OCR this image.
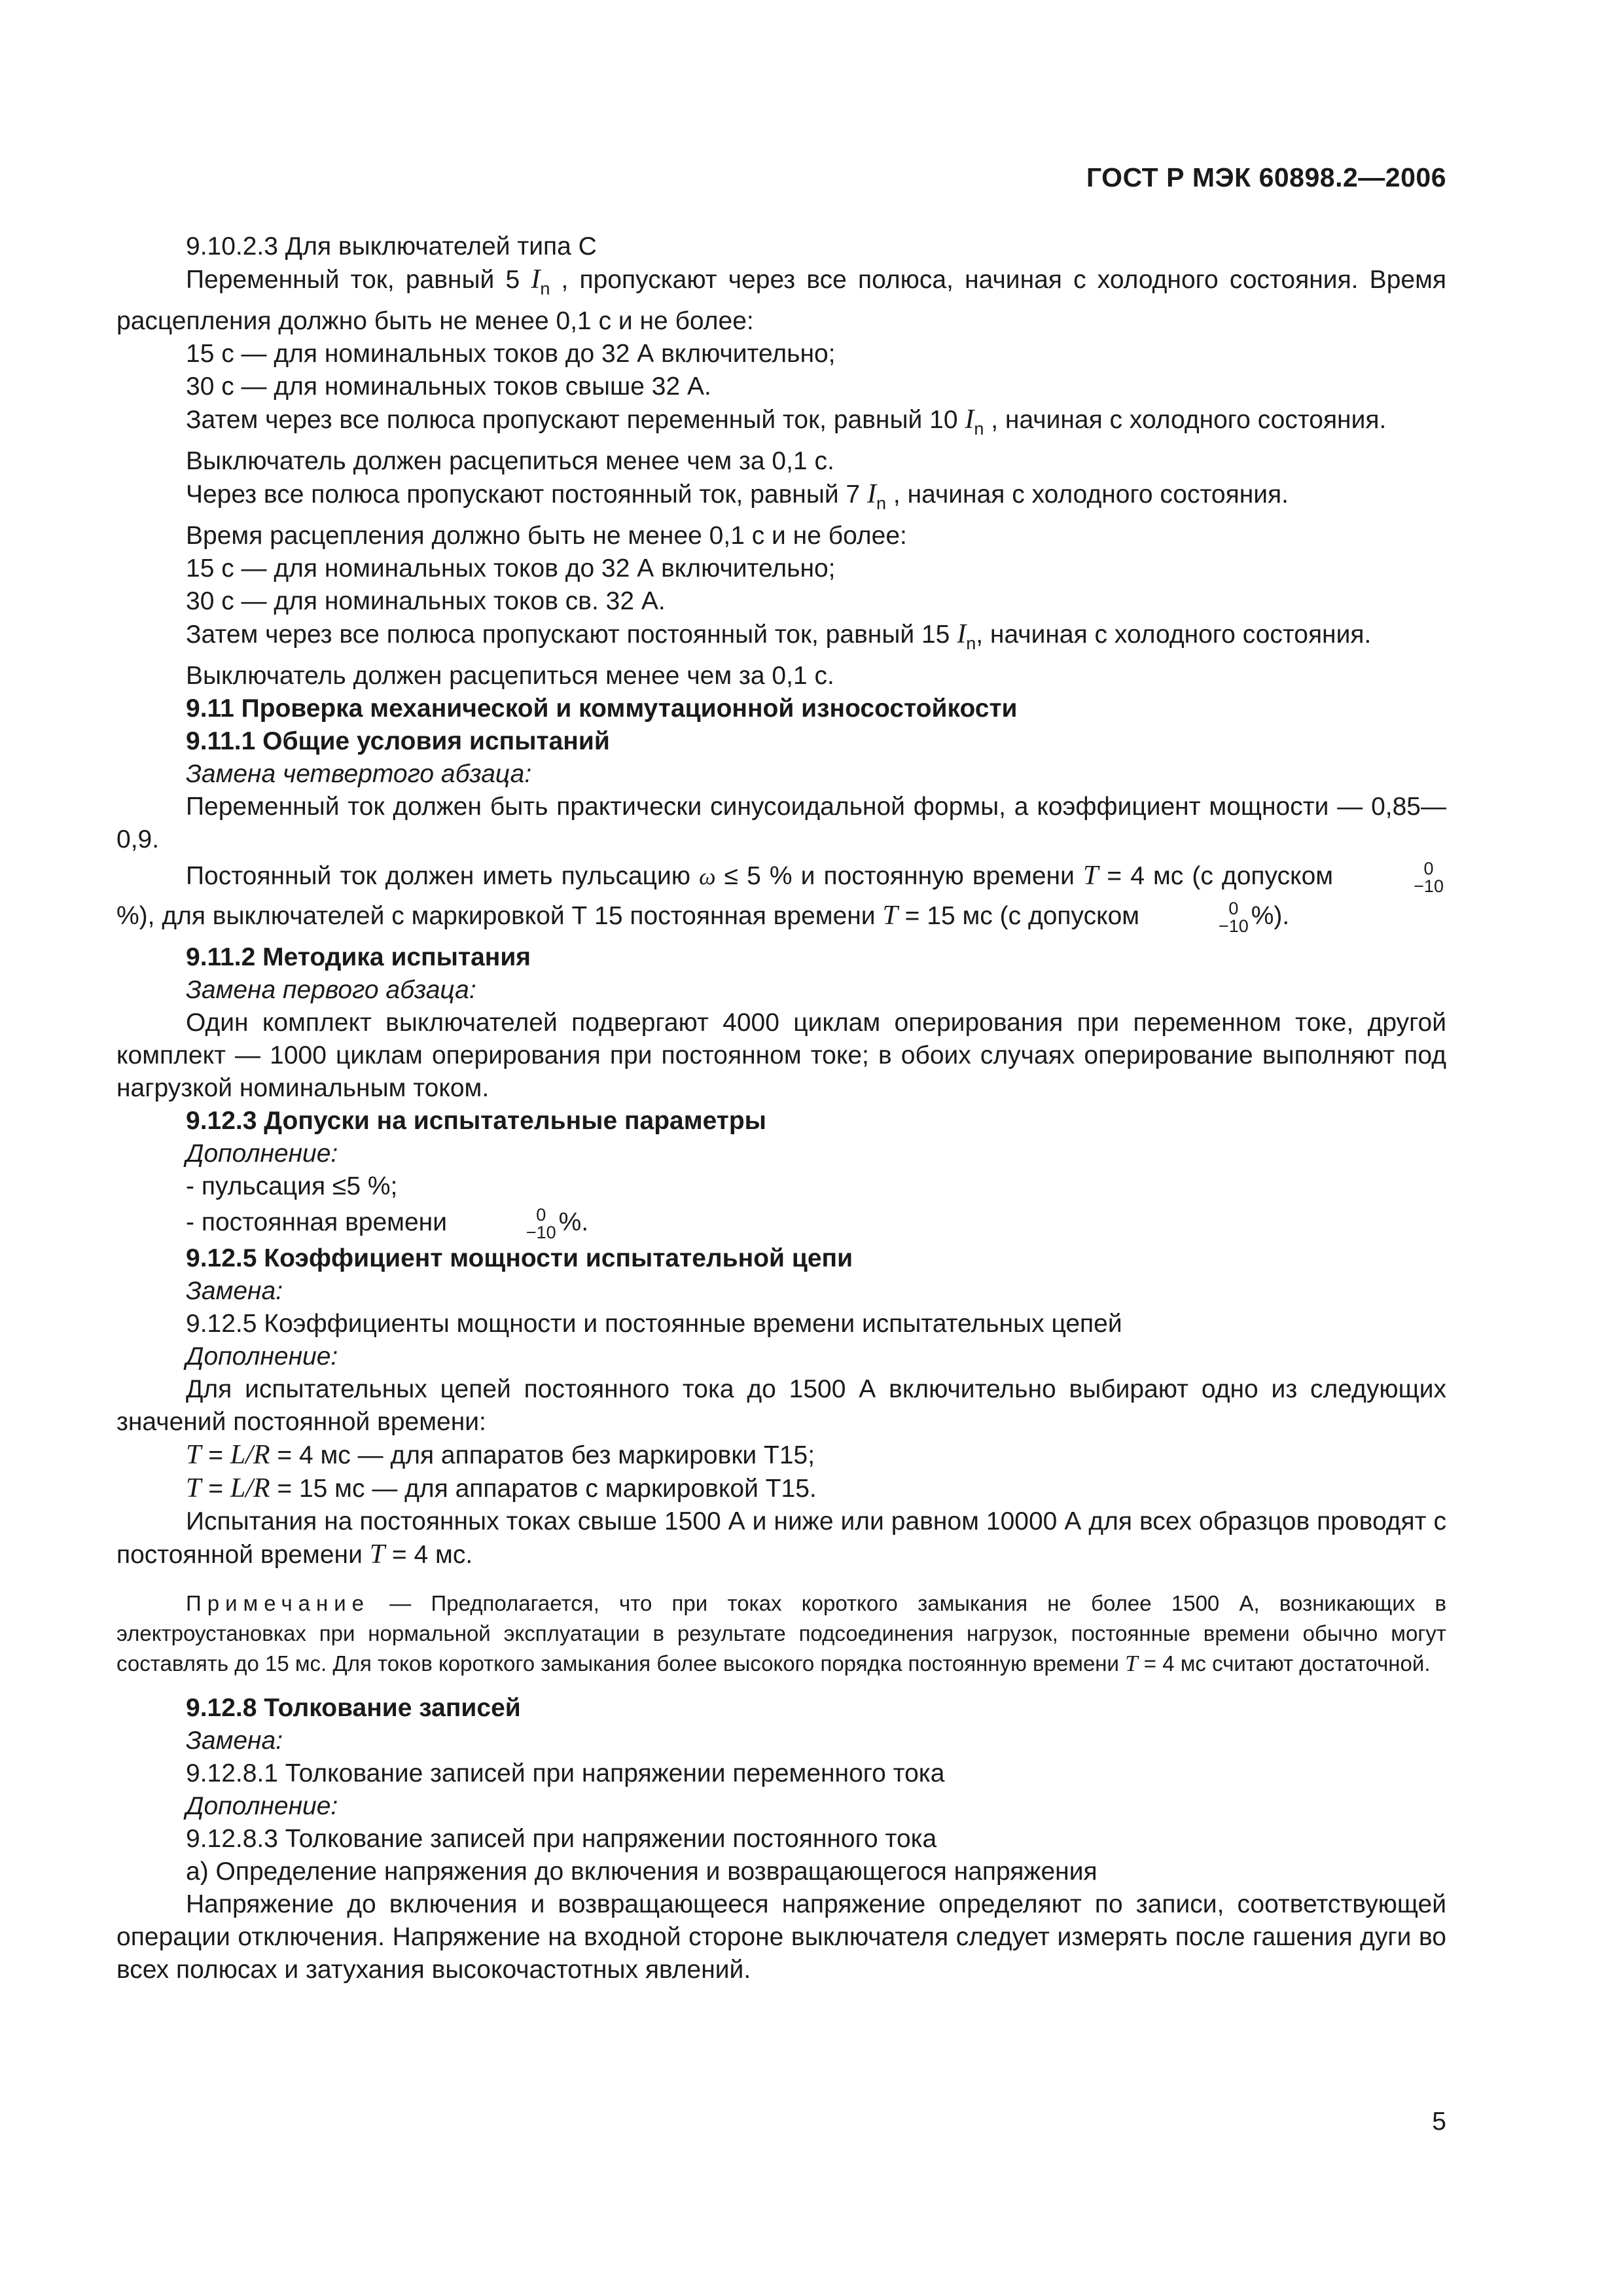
ГОСТ Р МЭК 60898.2—2006

9.10.2.3 Для выключателей типа С

Переменный ток, равный 5 $I_n$ , пропускают через все полюса, начиная с холодного состояния. Время расцепления должно быть не менее 0,1 с и не более:

15 с — для номинальных токов до 32 А включительно;

30 с — для номинальных токов свыше 32 А.

Затем через все полюса пропускают переменный ток, равный 10 $I_n$ , начиная с холодного состояния.

Выключатель должен расцепиться менее чем за 0,1 с.

Через все полюса пропускают постоянный ток, равный 7 $I_n$ , начиная с холодного состояния.

Время расцепления должно быть не менее 0,1 с и не более:

15 с — для номинальных токов до 32 А включительно;

30 с — для номинальных токов св. 32 А.

Затем через все полюса пропускают постоянный ток, равный 15 $I_n$, начиная с холодного состояния.

Выключатель должен расцепиться менее чем за 0,1 с.

9.11 Проверка механической и коммутационной износостойкости

9.11.1 Общие условия испытаний

Замена четвертого абзаца:

Переменный ток должен быть практически синусоидальной формы, а коэффициент мощности — 0,85—0,9.

Постоянный ток должен иметь пульсацию ω ≤ 5 % и постоянную времени T = 4 мс (с допуском	0
−10
%), для выключателей с маркировкой Т 15 постоянная времени T = 15 мс (с допуском	0
−10 %).

9.11.2 Методика испытания

Замена первого абзаца:

Один комплект выключателей подвергают 4000 циклам оперирования при переменном токе, другой комплект — 1000 циклам оперирования при постоянном токе; в обоих случаях оперирование выполняют под нагрузкой номинальным током.

9.12.3 Допуски на испытательные параметры

Дополнение:

- пульсация ≤5 %;

- постоянная времени	0
−10 %.

9.12.5 Коэффициент мощности испытательной цепи

Замена:

9.12.5 Коэффициенты мощности и постоянные времени испытательных цепей

Дополнение:

Для испытательных цепей постоянного тока до 1500 А включительно выбирают одно из следующих значений постоянной времени:

T = L/R = 4 мс — для аппаратов без маркировки Т15;

T = L/R = 15 мс — для аппаратов с маркировкой Т15.

Испытания на постоянных токах свыше 1500 А и ниже или равном 10000 А для всех образцов проводят с постоянной времени T = 4 мс.

Примечание — Предполагается, что при токах короткого замыкания не более 1500 А, возникающих в электроустановках при нормальной эксплуатации в результате подсоединения нагрузок, постоянные времени обычно могут составлять до 15 мс. Для токов короткого замыкания более высокого порядка постоянную времени T = 4 мс считают достаточной.

9.12.8 Толкование записей

Замена:

9.12.8.1 Толкование записей при напряжении переменного тока

Дополнение:

9.12.8.3 Толкование записей при напряжении постоянного тока

а) Определение напряжения до включения и возвращающегося напряжения

Напряжение до включения и возвращающееся напряжение определяют по записи, соответствующей операции отключения. Напряжение на входной стороне выключателя следует измерять после гашения дуги во всех полюсах и затухания высокочастотных явлений.

5
